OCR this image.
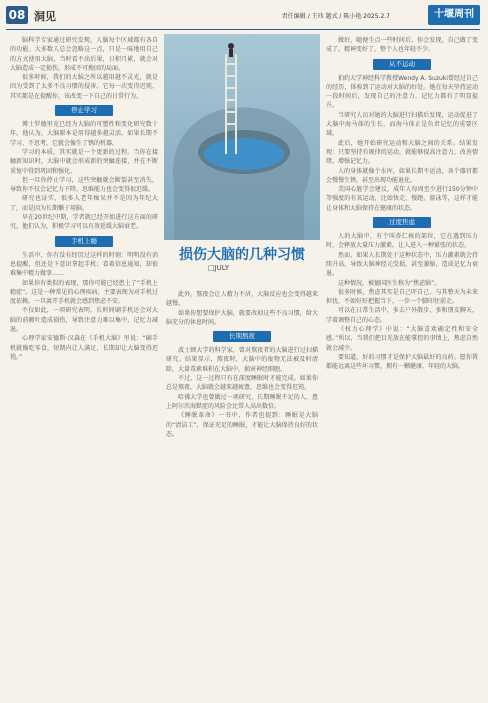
08 洞见	责任编辑 / 王玮 题式 / 陈小艳 2025.2.7	十堰周刊

脑科学专家通过研究发现，人脑每个区域都有各自的功能。大多数人总会忽略这一点，只是一味地用自己的方式使用大脑，当时看不出后果，日积月累，就会对大脑造成一定损伤，形成不可挽回的局面。

很多时候，我们的大脑之所以越用越不灵光，就是因为受到了太多不良习惯的侵害。它每一次变得迟钝、其实都是在提醒你，该改变一下自己的日常行为。

停止学习

博士罗德里克已经为大脑的可塑性和变化研究数十年。他认为，大脑原本是用得越多越灵活，如果长期不学习、不思考，它就会像生了锈的机器。

学习的本质，其实就是一个更新的过程。当你在接触新知识时，大脑中就会形成新的突触连接，并在不断重复中得到巩固和强化。

但一旦你停止学习，这些突触就会断裂甚至消失，导致你不仅会记忆力下降，思维能力也会变得很迟缓。

研究也证实，很多人老年痴呆并不是因为年纪大了，而是因为长期懒于用脑。

早在20世纪中期，学者就已经开始进行这方面的研究，他们认为，积极学习可以有效延缓大脑衰老。

手机上瘾

生活中，你有没有经历过这样的时刻：明明没有消息提醒，但还是下意识拿起手机；看着信息通知，却很难集中精力做事……

如果你有类似的表现，那你可能已经患上了“手机上瘾症”。这是一种常见的心理疾病，主要表现为对手机过度依赖，一旦离开手机就会感到焦虑不安。

不仅如此，一项研究表明，长时间刷手机还会对大脑的前额叶造成损伤，导致注意力难以集中，记忆力减退。

心理学家安德斯·汉森在《手机大脑》里说：“刷手机就像吃零食，短期内让人满足，长期却让大脑变得迟钝。”

损伤大脑的几种习惯
□JULY

此外，熬夜会让人精力不济，大脑反应也会变得越来越慢。

如果你想要保护大脑，就要改掉这些不良习惯，给大脑充分的休息时间。

长期熬夜

波士顿大学的科学家，曾对熬夜者的大脑进行过扫描研究。结果显示，熬夜时，大脑中的废物无法被及时清除，大量毒素堆积在大脑中，损害神经细胞。

不过，这一过程只有在深度睡眠时才能完成。如果你总是熬夜，大脑就会越来越疲惫，思维也会变得迟钝。

哈佛大学也曾做过一项研究，长期睡眠不足的人，患上阿尔茨海默症的风险会比常人高出数倍。

《睡眠革命》一书中，作者也提到：睡眠是大脑的“清洁工”，保证充足的睡眠，才能让大脑保持良好的状态。

做好，随便生点一些时间后，你会发现，自己做了变成了。精神变好了，整个人也年轻不少。

从不运动

拍约大学神经科学教授Wendy A. Suzuki曾经过自己的经历，体验到了运动对大脑的好处。她在每天坚持运动一段时间后，发现自己的注意力、记忆力都有了明显提升。

当研究人员对她的大脑进行扫描后发现，运动促进了大脑中海马体的生长，而海马体正是负责记忆的重要区域。

此后，她开始研究运动和大脑之间的关系。结果发现：只要坚持有规律的运动，就能够提高注意力、改善情绪，增强记忆力。

人的身体就像个水库，如果长期不运动，各个器官都会慢慢生锈，甚至出现功能退化。

美国心脏学会建议，成年人每周至少进行150分钟中等强度的有氧运动，比如快走、慢跑、游泳等，这样才能让身体和大脑保持在健康的状态。

过度焦虑

人的大脑中，有个叫杏仁核的部位，它在遇到压力时，会释放大量压力激素，让人进入一种紧张的状态。

然而，如果人长期处于这种状态中，压力激素就会持续升高，导致大脑神经元受损，甚至萎缩，造成记忆力衰退。

这种情况，被德国医生称为“焦虑脑”。

很多时候，焦虑其实是自己吓自己。与其整天为未来担忧，不如好好把握当下，一步一个脚印往前走。

可以在日常生活中，多去户外散步，多和朋友聊天，学着调整自己的心态。

《权力心理学》中说：“大脑喜欢确定性和安全感。”所以，当我们把目光放在能掌控的事情上，焦虑自然就会减少。

要知道，好的习惯才是保护大脑最好的良药。愿你我都能远离这些坏习惯，拥有一颗健康、年轻的大脑。
